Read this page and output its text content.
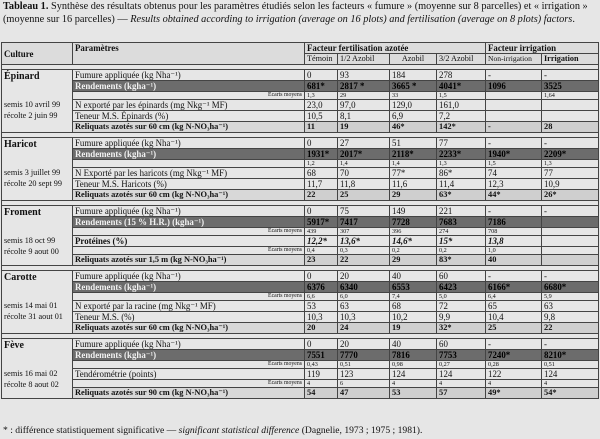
Tableau 1. Synthèse des résultats obtenus pour les paramètres étudiés selon les facteurs « fumure » (moyenne sur 8 parcelles) et « irrigation » (moyenne sur 16 parcelles) — Results obtained according to irrigation (average on 16 plots) and fertilisation (average on 8 plots) factors.
Culture	Paramètres	Facteur fertilisation azotée				Facteur irrigation	
		Témoin	1/2 Azobil	Azobil	3/2 Azobil	Non-irrigation	Irrigation

Épinard
semis 10 avril 99
récolte 2 juin 99	Fumure appliquée (kg Nha⁻¹)	0	93	184	278	-	-
	Rendements (kgha⁻¹)	681*	2817 *	3665 *	4041*	1096	3525
	Ecarts moyens	1,3	29	33	1,5		1,64
	N exporté par les épinards (mg Nkg⁻¹ MF)	23,0	97,0	129,0	161,0		
	Teneur M.S. Épinards (%)	10,5	8,1	6,9	7,2		
	Reliquats azotés sur 60 cm (kg N-NO₃ha⁻¹)	11	19	46*	142*	-	28

Haricot
semis 3 juillet 99
récolte 20 sept 99	Fumure appliquée (kg Nha⁻¹)	0	27	51	77	-	-
	Rendements (kgha⁻¹)	1931*	2017*	2118*	2233*	1940*	2209*
		1,2	1,4	1,4	1,3	1,5	1,3
	N Exporté par les haricots (mg Nkg⁻¹ MF)	68	70	77*	86*	74	77
	Teneur M.S. Haricots (%)	11,7	11,8	11,6	11,4	12,3	10,9
	Reliquats azotés sur 60 cm (kg N-NO₃ha⁻¹)	22	25	29	63*	44*	26*

Froment
semis 18 oct 99
récolte 9 aout 00	Fumure appliquée (kg Nha⁻¹)	0	75	149	221	-	-
	Rendements (15 % H.R.) (kgha⁻¹)	5917*	7417	7728	7683	7186	
	Ecarts moyens	439	307	396	274	708	
	Protéines (%)	12,2*	13,6*	14,6*	15*	13,8	
	Ecarts moyens	0,4	0,3	0,2	0,2	1,0	
	Reliquats azotés sur 1,5 m (kg N-NO₃ha⁻¹)	23	22	29	83*	40	

Carotte
semis 14 mai 01
récolte 31 aout 01	Fumure appliquée (kg Nha⁻¹)	0	20	40	60	-	-
	Rendements (kgha⁻¹)	6376	6340	6553	6423	6166*	6680*
	Ecarts moyens	6,6	6,0	7,4	5,0	6,4	5,9
	N exporté par la racine (mg Nkg⁻¹ MF)	53	63	68	72	65	63
	Teneur M.S. (%)	10,3	10,3	10,2	9,9	10,4	9,8
	Reliquats azotés sur 60 cm (kg N-NO₃ha⁻¹)	20	24	19	32*	25	22

Fève
semis 16 mai 02
récolte 8 aout 02	Fumure appliquée (kg Nha⁻¹)	0	20	40	60	-	-
	Rendements (kgha⁻¹)	7551	7770	7816	7753	7240*	8210*
	Ecarts moyens	0,43	0,51	0,98	0,27	0,28	0,51
	Tendérométrie (points)	119	123	124	124	122	124
	Ecarts moyens	4	6	4	4	4	4
	Reliquats azotés sur 90 cm (kg N-NO₃ha⁻¹)	54	47	53	57	49*	54*
* : différence statistiquement significative — significant statistical difference (Dagnelie, 1973 ; 1975 ; 1981).
